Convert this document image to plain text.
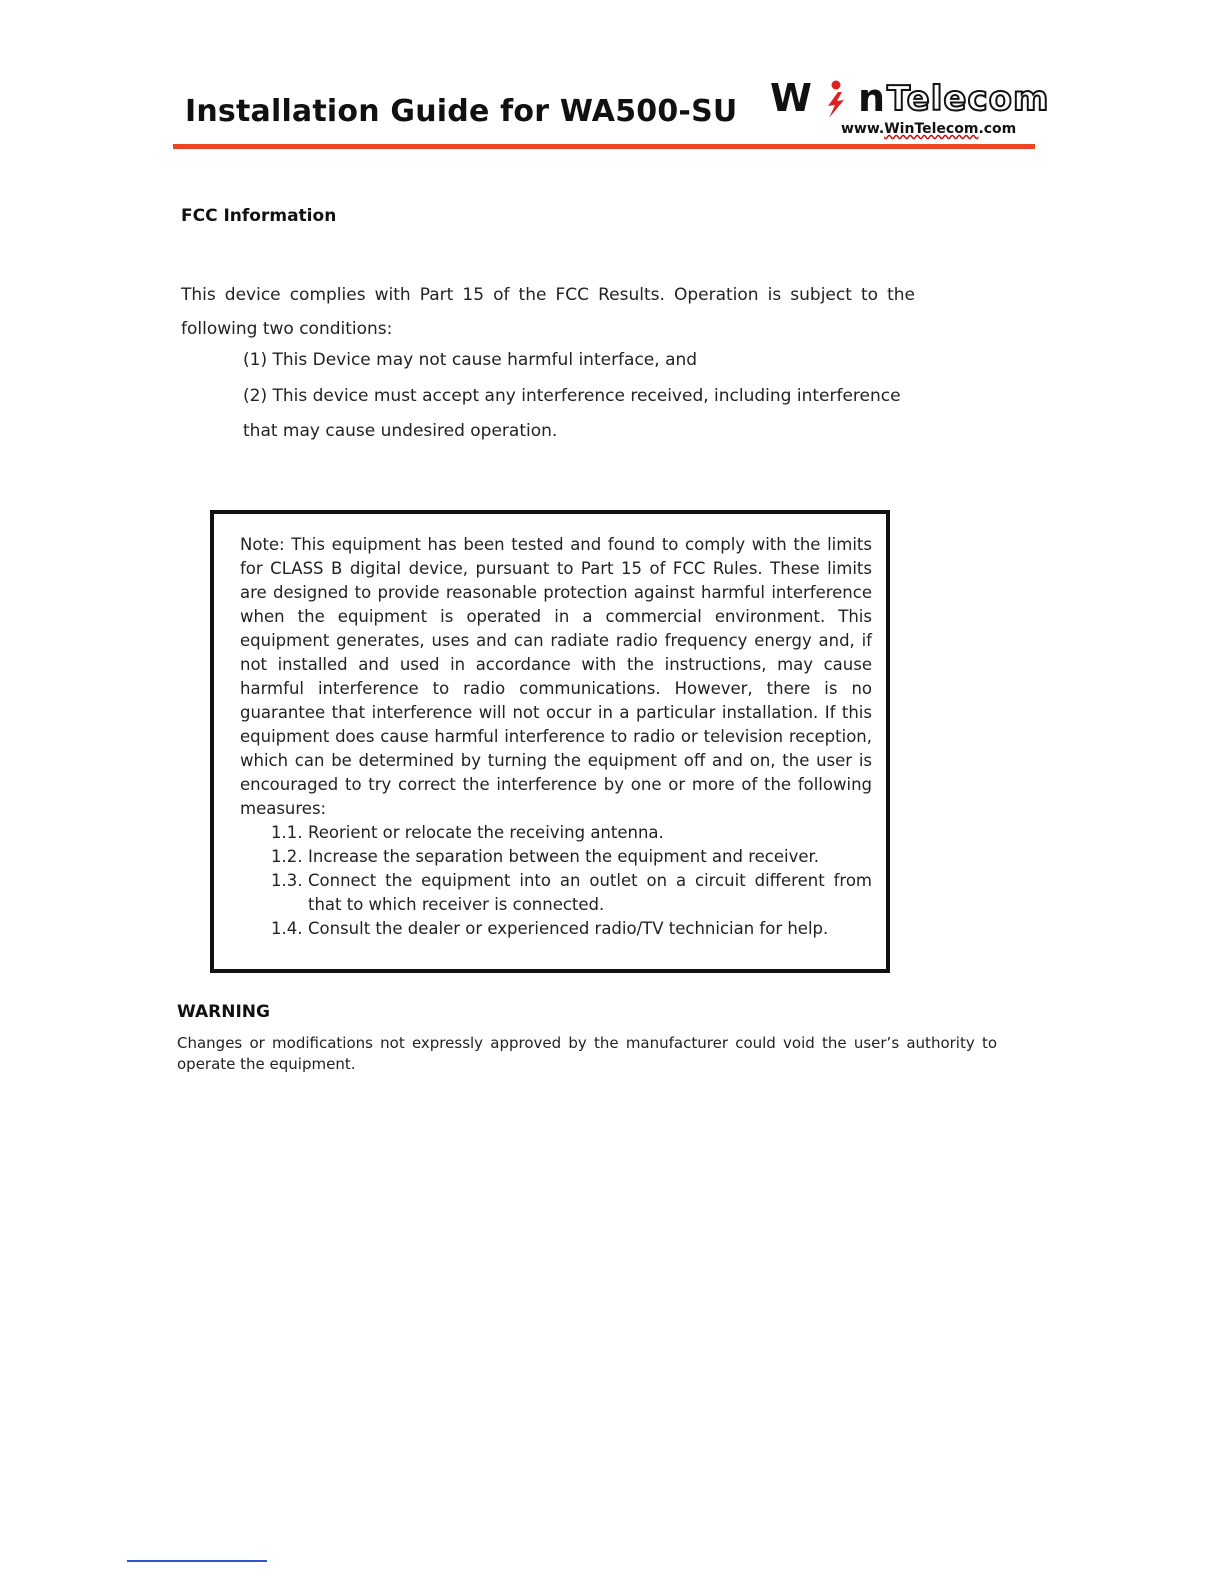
Installation Guide for WA500-SU W n Telecom
www.WinTelecom.com
FCC Information
This device complies with Part 15 of the FCC Results. Operation is subject to the following two conditions:
(1) This Device may not cause harmful interface, and
(2) This device must accept any interference received, including interference that may cause undesired operation.
Note: This equipment has been tested and found to comply with the limits for CLASS B digital device, pursuant to Part 15 of FCC Rules. These limits are designed to provide reasonable protection against harmful interference when the equipment is operated in a commercial environment. This equipment generates, uses and can radiate radio frequency energy and, if not installed and used in accordance with the instructions, may cause harmful interference to radio communications. However, there is no guarantee that interference will not occur in a particular installation. If this equipment does cause harmful interference to radio or television reception, which can be determined by turning the equipment off and on, the user is encouraged to try correct the interference by one or more of the following measures:
1.1. Reorient or relocate the receiving antenna.
1.2. Increase the separation between the equipment and receiver.
1.3. Connect the equipment into an outlet on a circuit different from that to which receiver is connected.
1.4. Consult the dealer or experienced radio/TV technician for help.
WARNING
Changes or modifications not expressly approved by the manufacturer could void the user’s authority to operate the equipment.
